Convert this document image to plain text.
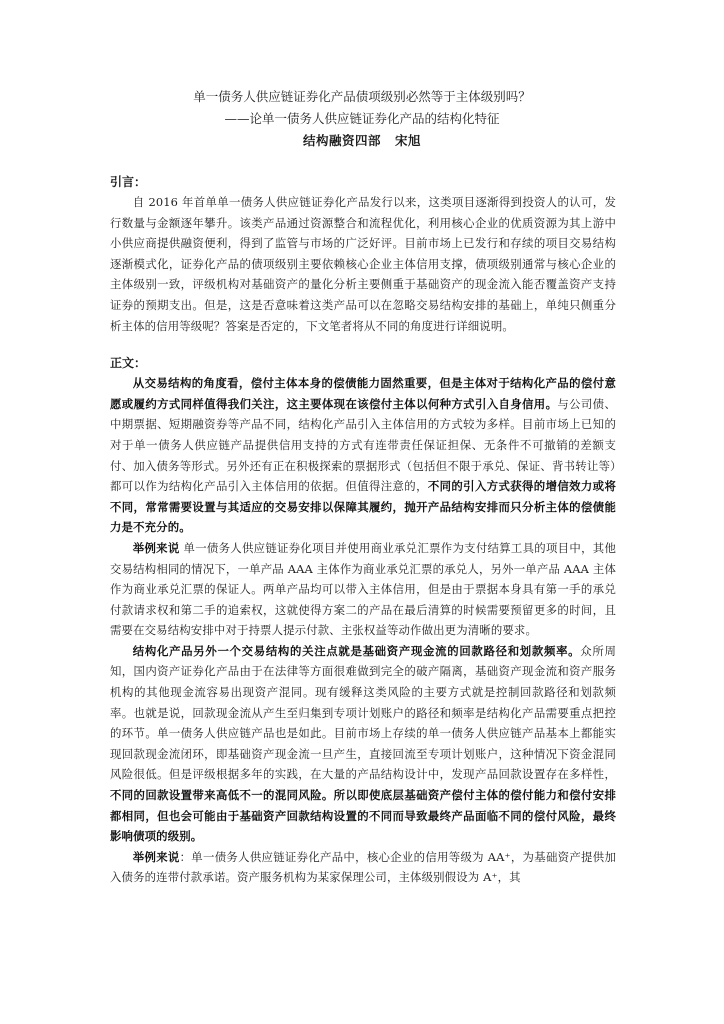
单一债务人供应链证券化产品债项级别必然等于主体级别吗？

——论单一债务人供应链证券化产品的结构化特征

结构融资四部 宋旭

引言：

自 2016 年首单单一债务人供应链证券化产品发行以来，这类项目逐渐得到投资人的认可，发行数量与金额逐年攀升。该类产品通过资源整合和流程优化，利用核心企业的优质资源为其上游中小供应商提供融资便利，得到了监管与市场的广泛好评。目前市场上已发行和存续的项目交易结构逐渐模式化，证券化产品的债项级别主要依赖核心企业主体信用支撑，债项级别通常与核心企业的主体级别一致，评级机构对基础资产的量化分析主要侧重于基础资产的现金流入能否覆盖资产支持证券的预期支出。但是，这是否意味着这类产品可以在忽略交易结构安排的基础上，单纯只侧重分析主体的信用等级呢？答案是否定的，下文笔者将从不同的角度进行详细说明。

正文：

从交易结构的角度看，偿付主体本身的偿债能力固然重要，但是主体对于结构化产品的偿付意愿或履约方式同样值得我们关注，这主要体现在该偿付主体以何种方式引入自身信用。与公司债、中期票据、短期融资券等产品不同，结构化产品引入主体信用的方式较为多样。目前市场上已知的对于单一债务人供应链产品提供信用支持的方式有连带责任保证担保、无条件不可撤销的差额支付、加入债务等形式。另外还有正在积极探索的票据形式（包括但不限于承兑、保证、背书转让等）都可以作为结构化产品引入主体信用的依据。但值得注意的，不同的引入方式获得的增信效力或将不同，常常需要设置与其适应的交易安排以保障其履约，抛开产品结构安排而只分析主体的偿债能力是不充分的。

举例来说 单一债务人供应链证券化项目并使用商业承兑汇票作为支付结算工具的项目中，其他交易结构相同的情况下，一单产品 AAA 主体作为商业承兑汇票的承兑人，另外一单产品 AAA 主体作为商业承兑汇票的保证人。两单产品均可以带入主体信用，但是由于票据本身具有第一手的承兑付款请求权和第二手的追索权，这就使得方案二的产品在最后清算的时候需要预留更多的时间，且需要在交易结构安排中对于持票人提示付款、主张权益等动作做出更为清晰的要求。

结构化产品另外一个交易结构的关注点就是基础资产现金流的回款路径和划款频率。众所周知，国内资产证券化产品由于在法律等方面很难做到完全的破产隔离，基础资产现金流和资产服务机构的其他现金流容易出现资产混同。现有缓释这类风险的主要方式就是控制回款路径和划款频率。也就是说，回款现金流从产生至归集到专项计划账户的路径和频率是结构化产品需要重点把控的环节。单一债务人供应链产品也是如此。目前市场上存续的单一债务人供应链产品基本上都能实现回款现金流闭环，即基础资产现金流一旦产生，直接回流至专项计划账户，这种情况下资金混同风险很低。但是评级根据多年的实践，在大量的产品结构设计中，发现产品回款设置存在多样性，不同的回款设置带来高低不一的混同风险。所以即使底层基础资产偿付主体的偿付能力和偿付安排都相同，但也会可能由于基础资产回款结构设置的不同而导致最终产品面临不同的偿付风险，最终影响债项的级别。

举例来说：单一债务人供应链证券化产品中，核心企业的信用等级为 AA⁺，为基础资产提供加入债务的连带付款承诺。资产服务机构为某家保理公司，主体级别假设为 A⁺，其
